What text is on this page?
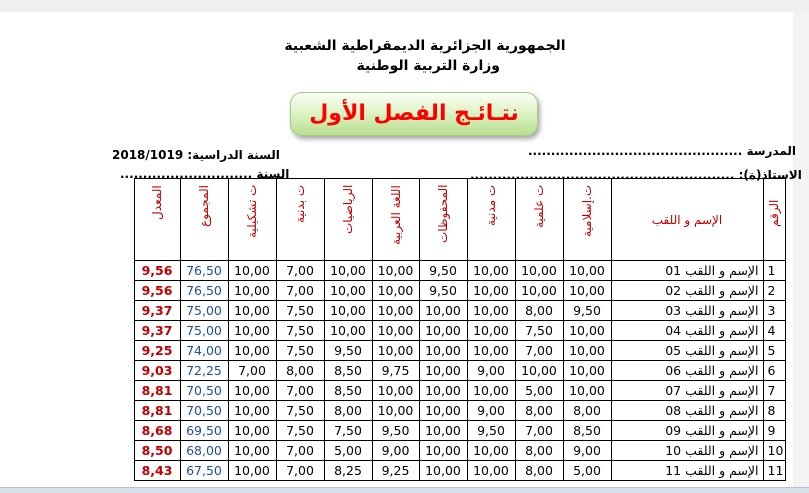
الجمهورية الجزائرية الديمقراطية الشعبية
وزارة التربية الوطنية
نتـائـج الفصل الأول
السنة الدراسية: 2018/1019
السنة .............................
المدرسة ...............................................
الاستاذ(ة): ..........................................................

	المعدل	المجموع	ت تشكيلية	ت بدنية	الرياضيات	اللغة العربية	المحفوظات	ت مدنية	ت علمية	ت.إسلامية	الإسم و اللقب	الرقم

	9,56	76,50	10,00	7,00	10,00	10,00	9,50	10,00	10,00	10,00	الإسم و اللقب 01	1
	9,56	76,50	10,00	7,00	10,00	10,00	9,50	10,00	10,00	10,00	الإسم و اللقب 02	2
	9,37	75,00	10,00	7,50	10,00	10,00	10,00	10,00	8,00	9,50	الإسم و اللقب 03	3
	9,37	75,00	10,00	7,50	10,00	10,00	10,00	10,00	7,50	10,00	الإسم و اللقب 04	4
	9,25	74,00	10,00	7,50	9,50	10,00	10,00	10,00	7,00	10,00	الإسم و اللقب 05	5
	9,03	72,25	7,00	8,00	8,50	9,75	10,00	9,00	10,00	10,00	الإسم و اللقب 06	6
	8,81	70,50	10,00	7,00	8,50	10,00	10,00	10,00	5,00	10,00	الإسم و اللقب 07	7
	8,81	70,50	10,00	7,50	8,00	10,00	10,00	9,00	8,00	8,00	الإسم و اللقب 08	8
	8,68	69,50	10,00	7,50	7,50	9,50	10,00	9,50	7,00	8,50	الإسم و اللقب 09	9
	8,50	68,00	10,00	7,00	5,00	9,00	10,00	10,00	8,00	9,00	الإسم و اللقب 10	10
	8,43	67,50	10,00	7,00	8,25	9,25	10,00	10,00	8,00	5,00	الإسم و اللقب 11	11
